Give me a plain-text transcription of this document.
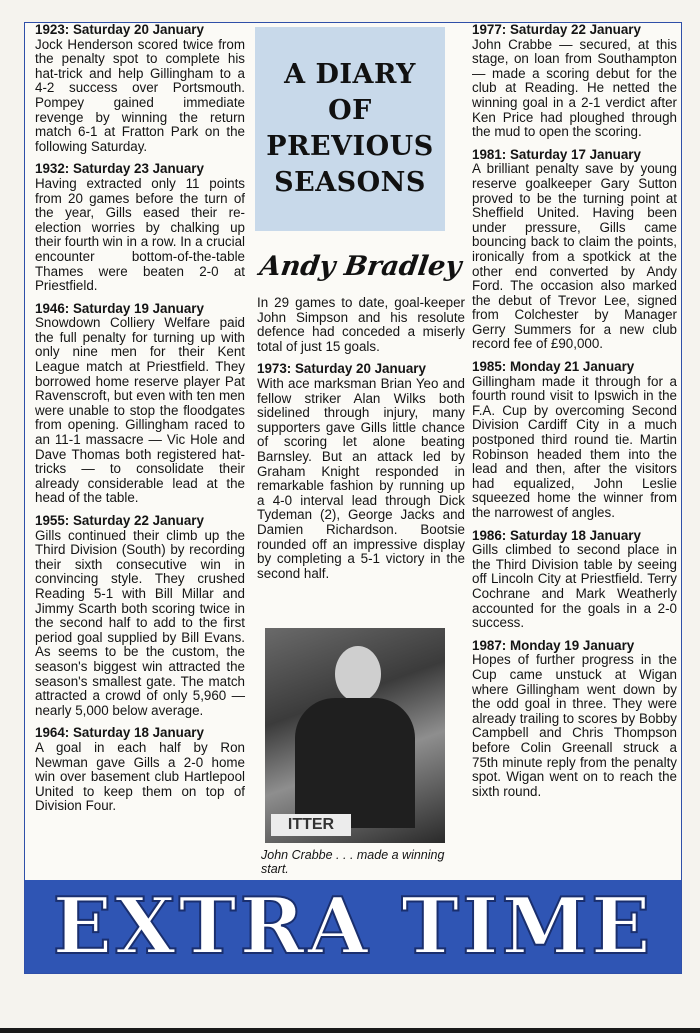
1923: Saturday 20 January
Jock Henderson scored twice from the penalty spot to complete his hat-trick and help Gillingham to a 4-2 success over Portsmouth. Pompey gained immediate revenge by winning the return match 6-1 at Fratton Park on the following Saturday.
1932: Saturday 23 January
Having extracted only 11 points from 20 games before the turn of the year, Gills eased their re-election worries by chalking up their fourth win in a row. In a crucial encounter bottom-of-the-table Thames were beaten 2-0 at Priestfield.
1946: Saturday 19 January
Snowdown Colliery Welfare paid the full penalty for turning up with only nine men for their Kent League match at Priestfield. They borrowed home reserve player Pat Ravenscroft, but even with ten men were unable to stop the floodgates from opening. Gillingham raced to an 11-1 massacre — Vic Hole and Dave Thomas both registered hat-tricks — to consolidate their already considerable lead at the head of the table.
1955: Saturday 22 January
Gills continued their climb up the Third Division (South) by recording their sixth consecutive win in convincing style. They crushed Reading 5-1 with Bill Millar and Jimmy Scarth both scoring twice in the second half to add to the first period goal supplied by Bill Evans. As seems to be the custom, the season's biggest win attracted the season's smallest gate. The match attracted a crowd of only 5,960 — nearly 5,000 below average.
1964: Saturday 18 January
A goal in each half by Ron Newman gave Gills a 2-0 home win over basement club Hartlepool United to keep them on top of Division Four.
A DIARY
OF
PREVIOUS
SEASONS
Andy Bradley
In 29 games to date, goal-keeper John Simpson and his resolute defence had conceded a miserly total of just 15 goals.
1973: Saturday 20 January
With ace marksman Brian Yeo and fellow striker Alan Wilks both sidelined through injury, many supporters gave Gills little chance of scoring let alone beating Barnsley. But an attack led by Graham Knight responded in remarkable fashion by running up a 4-0 interval lead through Dick Tydeman (2), George Jacks and Damien Richardson. Bootsie rounded off an impressive display by completing a 5-1 victory in the second half.
ITTER
John Crabbe . . . made a winning start.
1977: Saturday 22 January
John Crabbe — secured, at this stage, on loan from Southampton — made a scoring debut for the club at Reading. He netted the winning goal in a 2-1 verdict after Ken Price had ploughed through the mud to open the scoring.
1981: Saturday 17 January
A brilliant penalty save by young reserve goalkeeper Gary Sutton proved to be the turning point at Sheffield United. Having been under pressure, Gills came bouncing back to claim the points, ironically from a spotkick at the other end converted by Andy Ford. The occasion also marked the debut of Trevor Lee, signed from Colchester by Manager Gerry Summers for a new club record fee of £90,000.
1985: Monday 21 January
Gillingham made it through for a fourth round visit to Ipswich in the F.A. Cup by overcoming Second Division Cardiff City in a much postponed third round tie. Martin Robinson headed them into the lead and then, after the visitors had equalized, John Leslie squeezed home the winner from the narrowest of angles.
1986: Saturday 18 January
Gills climbed to second place in the Third Division table by seeing off Lincoln City at Priestfield. Terry Cochrane and Mark Weatherly accounted for the goals in a 2-0 success.
1987: Monday 19 January
Hopes of further progress in the Cup came unstuck at Wigan where Gillingham went down by the odd goal in three. They were already trailing to scores by Bobby Campbell and Chris Thompson before Colin Greenall struck a 75th minute reply from the penalty spot. Wigan went on to reach the sixth round.
EXTRA TIME
